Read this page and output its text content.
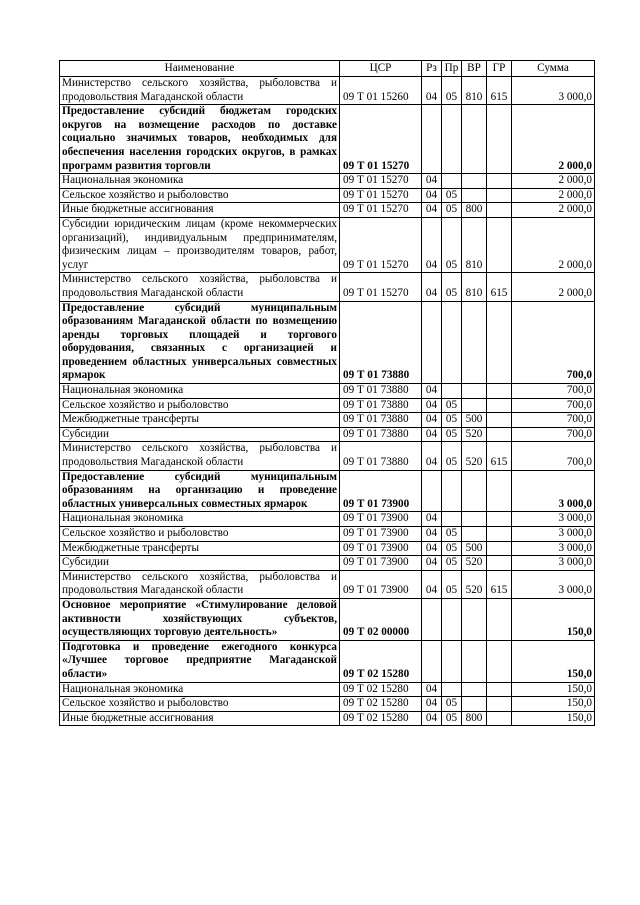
Наименование	ЦСР	Рз	Пр	ВР	ГР	Сумма
Министерство сельского хозяйства, рыболовства и продовольствия Магаданской области	09 Т 01 15260	04	05	810	615	3 000,0
Предоставление субсидий бюджетам городских округов на возмещение расходов по доставке социально значимых товаров, необходимых для обеспечения населения городских округов, в рамках программ развития торговли	09 Т 01 15270					2 000,0
Национальная экономика	09 Т 01 15270	04				2 000,0
Сельское хозяйство и рыболовство	09 Т 01 15270	04	05			2 000,0
Иные бюджетные ассигнования	09 Т 01 15270	04	05	800		2 000,0
Субсидии юридическим лицам (кроме некоммерческих организаций), индивидуальным предпринимателям, физическим лицам – производителям товаров, работ, услуг	09 Т 01 15270	04	05	810		2 000,0
Министерство сельского хозяйства, рыболовства и продовольствия Магаданской области	09 Т 01 15270	04	05	810	615	2 000,0
Предоставление субсидий муниципальным образованиям Магаданской области по возмещению аренды торговых площадей и торгового оборудования, связанных с организацией и проведением областных универсальных совместных ярмарок	09 Т 01 73880					700,0
Национальная экономика	09 Т 01 73880	04				700,0
Сельское хозяйство и рыболовство	09 Т 01 73880	04	05			700,0
Межбюджетные трансферты	09 Т 01 73880	04	05	500		700,0
Субсидии	09 Т 01 73880	04	05	520		700,0
Министерство сельского хозяйства, рыболовства и продовольствия Магаданской области	09 Т 01 73880	04	05	520	615	700,0
Предоставление субсидий муниципальным образованиям на организацию и проведение областных универсальных совместных ярмарок	09 Т 01 73900					3 000,0
Национальная экономика	09 Т 01 73900	04				3 000,0
Сельское хозяйство и рыболовство	09 Т 01 73900	04	05			3 000,0
Межбюджетные трансферты	09 Т 01 73900	04	05	500		3 000,0
Субсидии	09 Т 01 73900	04	05	520		3 000,0
Министерство сельского хозяйства, рыболовства и продовольствия Магаданской области	09 Т 01 73900	04	05	520	615	3 000,0
Основное мероприятие «Стимулирование деловой активности хозяйствующих субъектов, осуществляющих торговую деятельность»	09 Т 02 00000					150,0
Подготовка и проведение ежегодного конкурса «Лучшее торговое предприятие Магаданской области»	09 Т 02 15280					150,0
Национальная экономика	09 Т 02 15280	04				150,0
Сельское хозяйство и рыболовство	09 Т 02 15280	04	05			150,0
Иные бюджетные ассигнования	09 Т 02 15280	04	05	800		150,0
